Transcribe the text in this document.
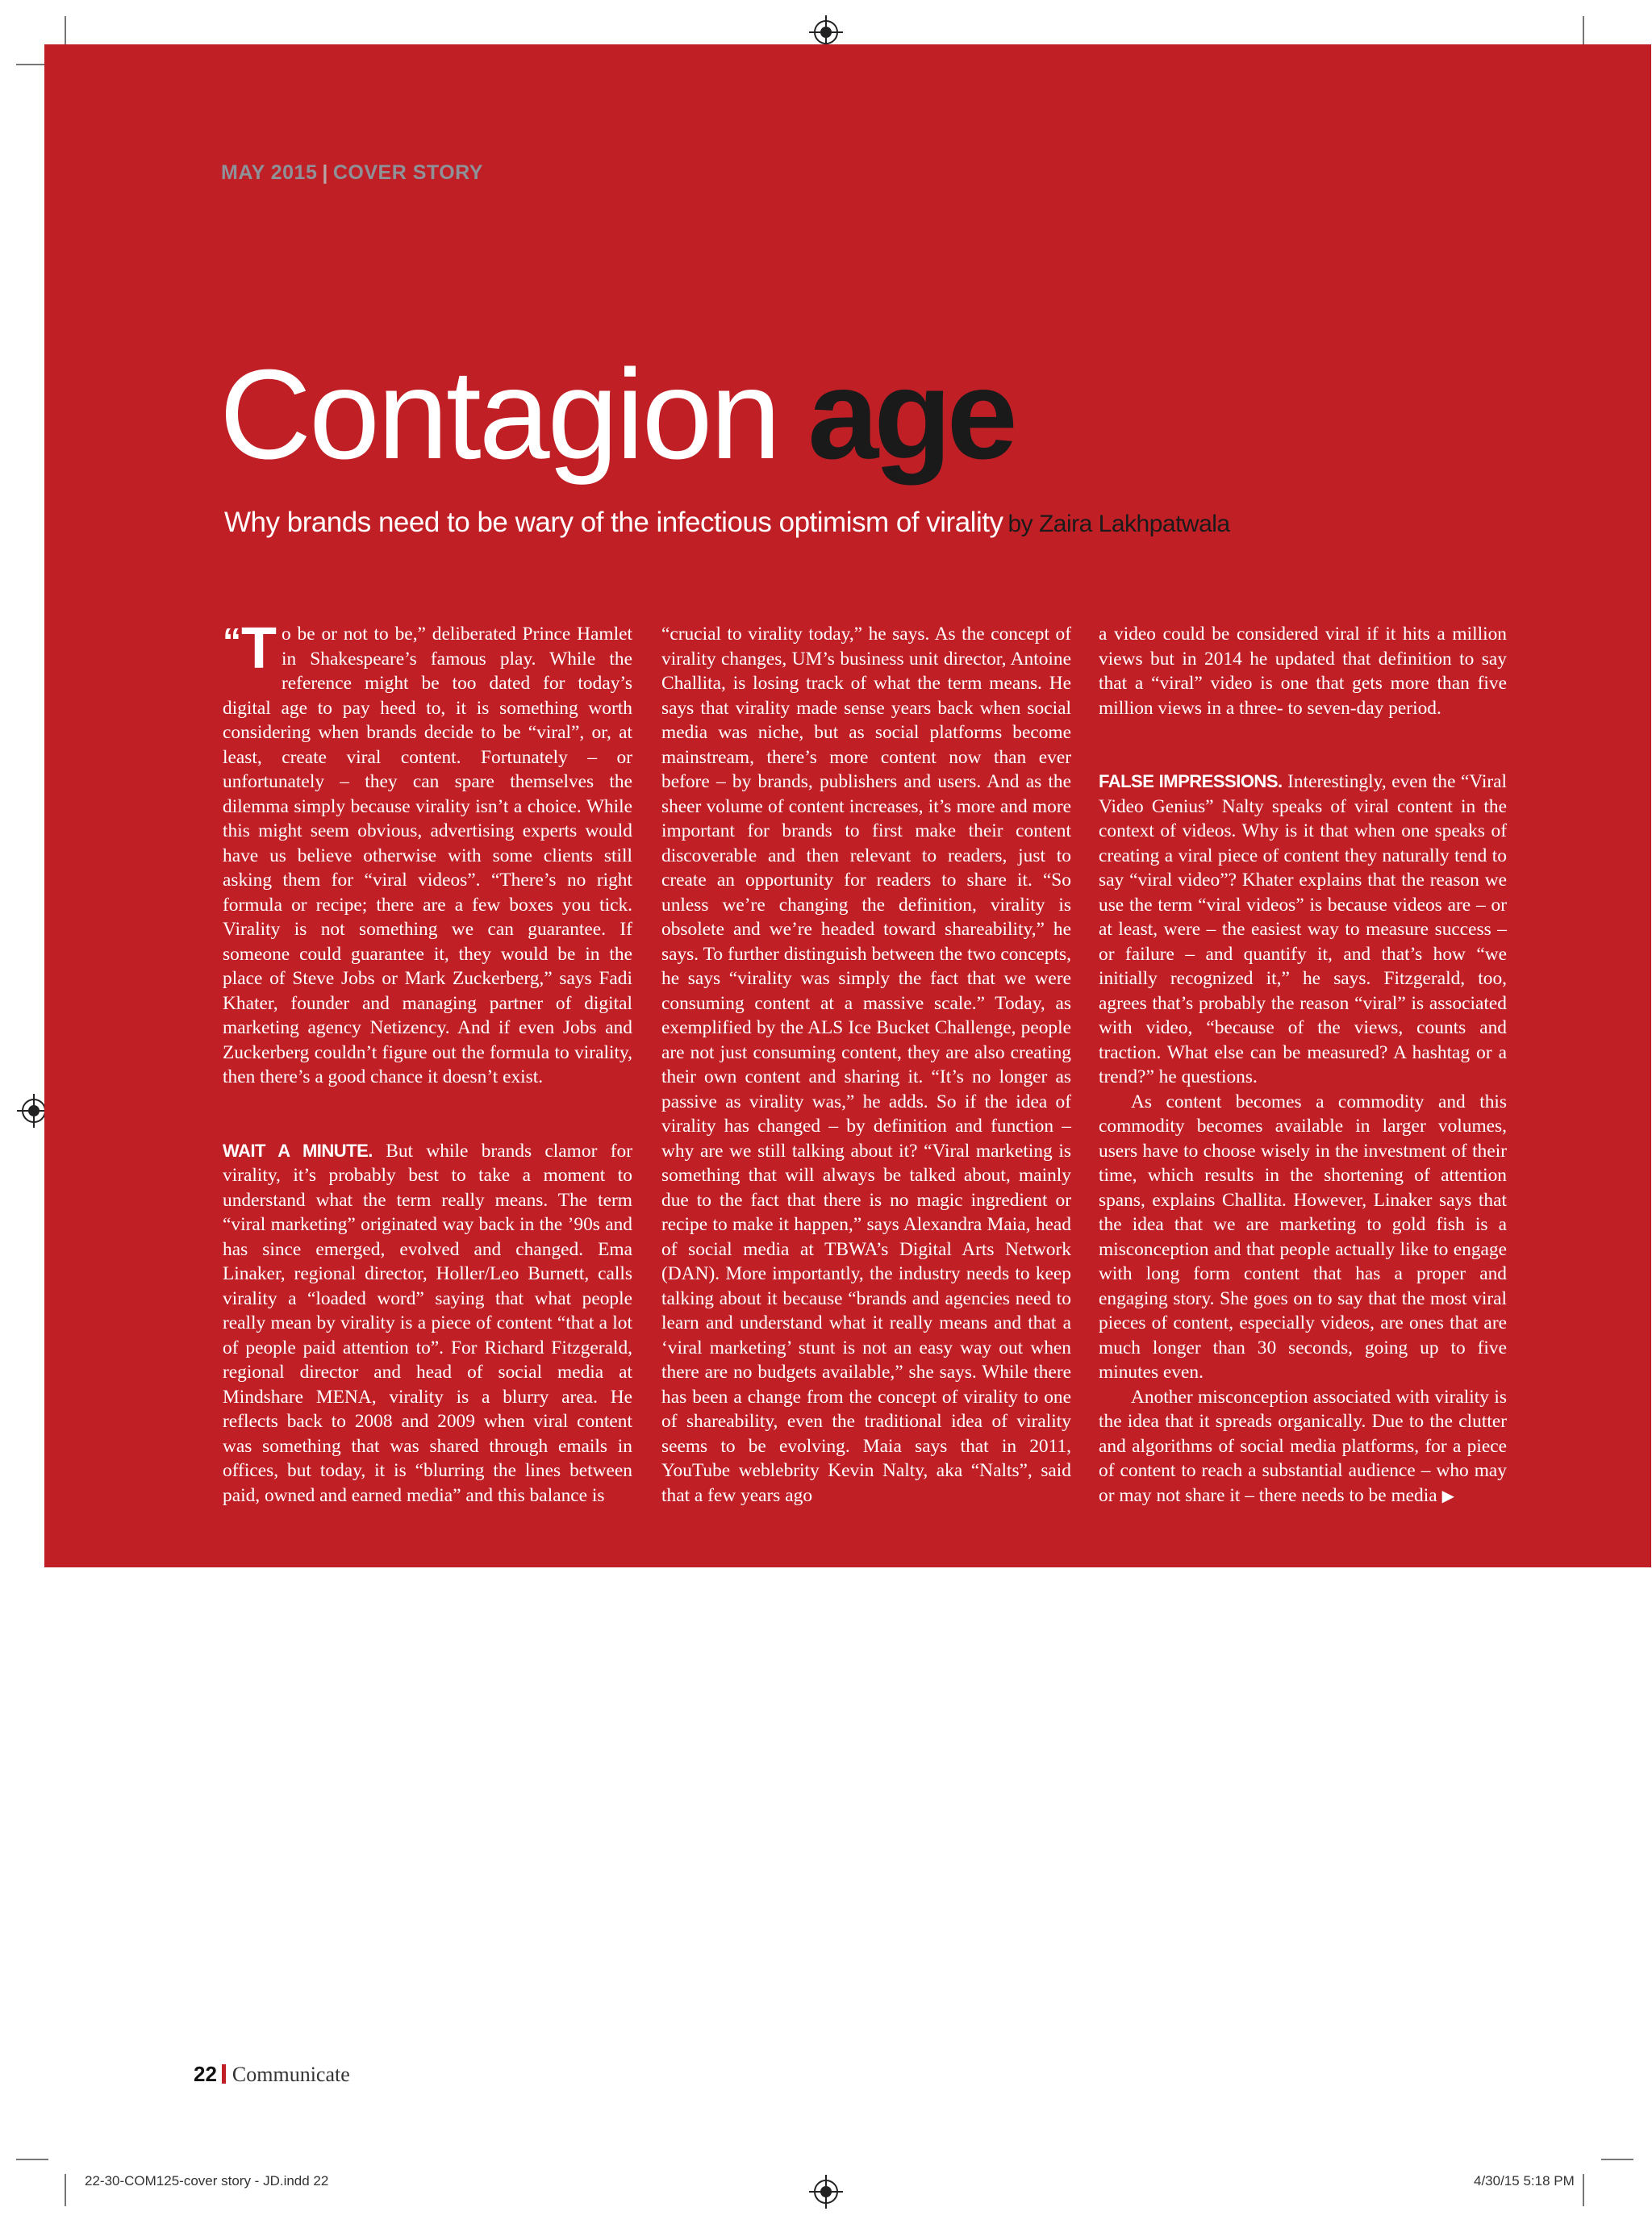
MAY 2015 | COVER STORY
Contagion age
Why brands need to be wary of the infectious optimism of virality by Zaira Lakhpatwala

“T o be or not to be,” deliberated Prince Hamlet in Shakespeare’s famous play. While the reference might be too dated for today’s digital age to pay heed to, it is something worth considering when brands decide to be “viral”, or, at least, create viral content. Fortunately – or unfortunately – they can spare themselves the dilemma simply because virality isn’t a choice. While this might seem obvious, advertising experts would have us believe otherwise with some clients still asking them for “viral videos”. “There’s no right formula or recipe; there are a few boxes you tick. Virality is not something we can guarantee. If someone could guarantee it, they would be in the place of Steve Jobs or Mark Zuckerberg,” says Fadi Khater, founder and managing partner of digital marketing agency Netizency. And if even Jobs and Zuckerberg couldn’t figure out the formula to virality, then there’s a good chance it doesn’t exist.

WAIT A MINUTE. But while brands clamor for virality, it’s probably best to take a moment to understand what the term really means. The term “viral marketing” originated way back in the ’90s and has since emerged, evolved and changed. Ema Linaker, regional director, Holler/Leo Burnett, calls virality a “loaded word” saying that what people really mean by virality is a piece of content “that a lot of people paid attention to”. For Richard Fitzgerald, regional director and head of social media at Mindshare MENA, virality is a blurry area. He reflects back to 2008 and 2009 when viral content was something that was shared through emails in offices, but today, it is “blurring the lines between paid, owned and earned media” and this balance is

“crucial to virality today,” he says. As the concept of virality changes, UM’s business unit director, Antoine Challita, is losing track of what the term means. He says that virality made sense years back when social media was niche, but as social platforms become mainstream, there’s more content now than ever before – by brands, publishers and users. And as the sheer volume of content increases, it’s more and more important for brands to first make their content discoverable and then relevant to readers, just to create an opportunity for readers to share it. “So unless we’re changing the definition, virality is obsolete and we’re headed toward shareability,” he says. To further distinguish between the two concepts, he says “virality was simply the fact that we were consuming content at a massive scale.” Today, as exemplified by the ALS Ice Bucket Challenge, people are not just consuming content, they are also creating their own content and sharing it. “It’s no longer as passive as virality was,” he adds. So if the idea of virality has changed – by definition and function – why are we still talking about it? “Viral marketing is something that will always be talked about, mainly due to the fact that there is no magic ingredient or recipe to make it happen,” says Alexandra Maia, head of social media at TBWA’s Digital Arts Network (DAN). More importantly, the industry needs to keep talking about it because “brands and agencies need to learn and understand what it really means and that a ‘viral marketing’ stunt is not an easy way out when there are no budgets available,” she says. While there has been a change from the concept of virality to one of shareability, even the traditional idea of virality seems to be evolving. Maia says that in 2011, YouTube weblebrity Kevin Nalty, aka “Nalts”, said that a few years ago

a video could be considered viral if it hits a million views but in 2014 he updated that definition to say that a “viral” video is one that gets more than five million views in a three- to seven-day period.

FALSE IMPRESSIONS. Interestingly, even the “Viral Video Genius” Nalty speaks of viral content in the context of videos. Why is it that when one speaks of creating a viral piece of content they naturally tend to say “viral video”? Khater explains that the reason we use the term “viral videos” is because videos are – or at least, were – the easiest way to measure success – or failure – and quantify it, and that’s how “we initially recognized it,” he says. Fitzgerald, too, agrees that’s probably the reason “viral” is associated with video, “because of the views, counts and traction. What else can be measured? A hashtag or a trend?” he questions.

As content becomes a commodity and this commodity becomes available in larger volumes, users have to choose wisely in the investment of their time, which results in the shortening of attention spans, explains Challita. However, Linaker says that the idea that we are marketing to gold fish is a misconception and that people actually like to engage with long form content that has a proper and engaging story. She goes on to say that the most viral pieces of content, especially videos, are ones that are much longer than 30 seconds, going up to five minutes even.

Another misconception associated with virality is the idea that it spreads organically. Due to the clutter and algorithms of social media platforms, for a piece of content to reach a substantial audience – who may or may not share it – there needs to be media ▶

22 Communicate
22-30-COM125-cover story - JD.indd 22	4/30/15 5:18 PM
